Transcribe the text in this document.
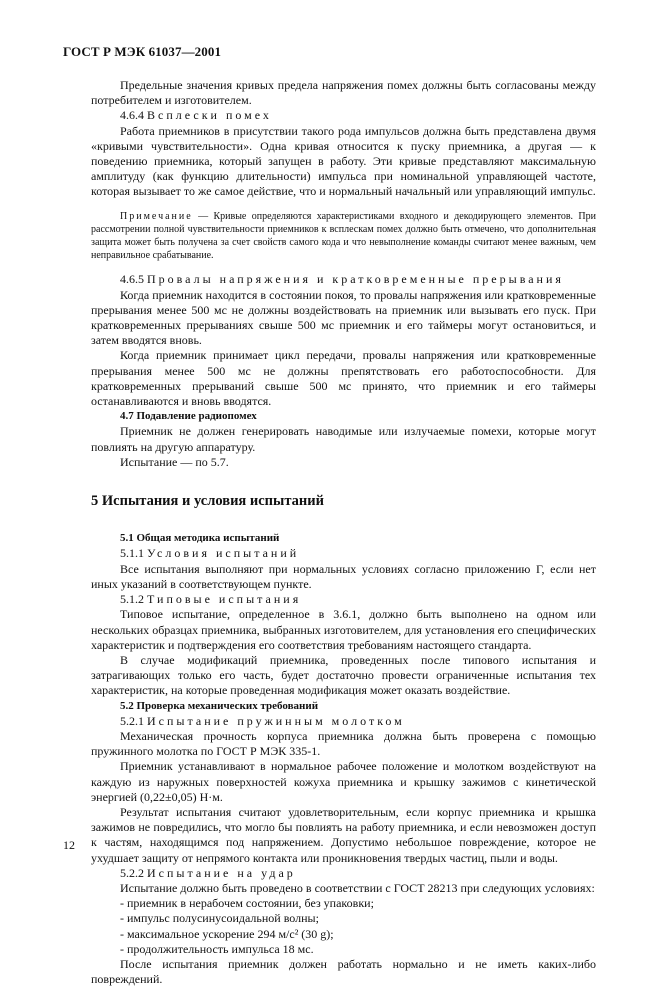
ГОСТ Р МЭК 61037—2001

Предельные значения кривых предела напряжения помех должны быть согласованы между потребителем и изготовителем.

4.6.4 Всплески помех

Работа приемников в присутствии такого рода импульсов должна быть представлена двумя «кривыми чувствительности». Одна кривая относится к пуску приемника, а другая — к поведению приемника, который запущен в работу. Эти кривые представляют максимальную амплитуду (как функцию длительности) импульса при номинальной управляющей частоте, которая вызывает то же самое действие, что и нормальный начальный или управляющий импульс.

Примечание — Кривые определяются характеристиками входного и декодирующего элементов. При рассмотрении полной чувствительности приемников к всплескам помех должно быть отмечено, что дополнительная защита может быть получена за счет свойств самого кода и что невыполнение команды считают менее важным, чем неправильное срабатывание.

4.6.5 Провалы напряжения и кратковременные прерывания

Когда приемник находится в состоянии покоя, то провалы напряжения или кратковременные прерывания менее 500 мс не должны воздействовать на приемник или вызывать его пуск. При кратковременных прерываниях свыше 500 мс приемник и его таймеры могут остановиться, и затем вводятся вновь.

Когда приемник принимает цикл передачи, провалы напряжения или кратковременные прерывания менее 500 мс не должны препятствовать его работоспособности. Для кратковременных прерываний свыше 500 мс принято, что приемник и его таймеры останавливаются и вновь вводятся.

4.7 Подавление радиопомех

Приемник не должен генерировать наводимые или излучаемые помехи, которые могут повлиять на другую аппаратуру.

Испытание — по 5.7.

5 Испытания и условия испытаний

5.1 Общая методика испытаний

5.1.1 Условия испытаний

Все испытания выполняют при нормальных условиях согласно приложению Г, если нет иных указаний в соответствующем пункте.

5.1.2 Типовые испытания

Типовое испытание, определенное в 3.6.1, должно быть выполнено на одном или нескольких образцах приемника, выбранных изготовителем, для установления его специфических характеристик и подтверждения его соответствия требованиям настоящего стандарта.

В случае модификаций приемника, проведенных после типового испытания и затрагивающих только его часть, будет достаточно провести ограниченные испытания тех характеристик, на которые проведенная модификация может оказать воздействие.

5.2 Проверка механических требований

5.2.1 Испытание пружинным молотком

Механическая прочность корпуса приемника должна быть проверена с помощью пружинного молотка по ГОСТ Р МЭК 335-1.

Приемник устанавливают в нормальное рабочее положение и молотком воздействуют на каждую из наружных поверхностей кожуха приемника и крышку зажимов с кинетической энергией (0,22±0,05) Н·м.

Результат испытания считают удовлетворительным, если корпус приемника и крышка зажимов не повредились, что могло бы повлиять на работу приемника, и если невозможен доступ к частям, находящимся под напряжением. Допустимо небольшое повреждение, которое не ухудшает защиту от непрямого контакта или проникновения твердых частиц, пыли и воды.

5.2.2 Испытание на удар

Испытание должно быть проведено в соответствии с ГОСТ 28213 при следующих условиях:

- приемник в нерабочем состоянии, без упаковки;

- импульс полусинусоидальной волны;

- максимальное ускорение 294 м/с² (30 g);

- продолжительность импульса 18 мс.

После испытания приемник должен работать нормально и не иметь каких-либо повреждений.

12
